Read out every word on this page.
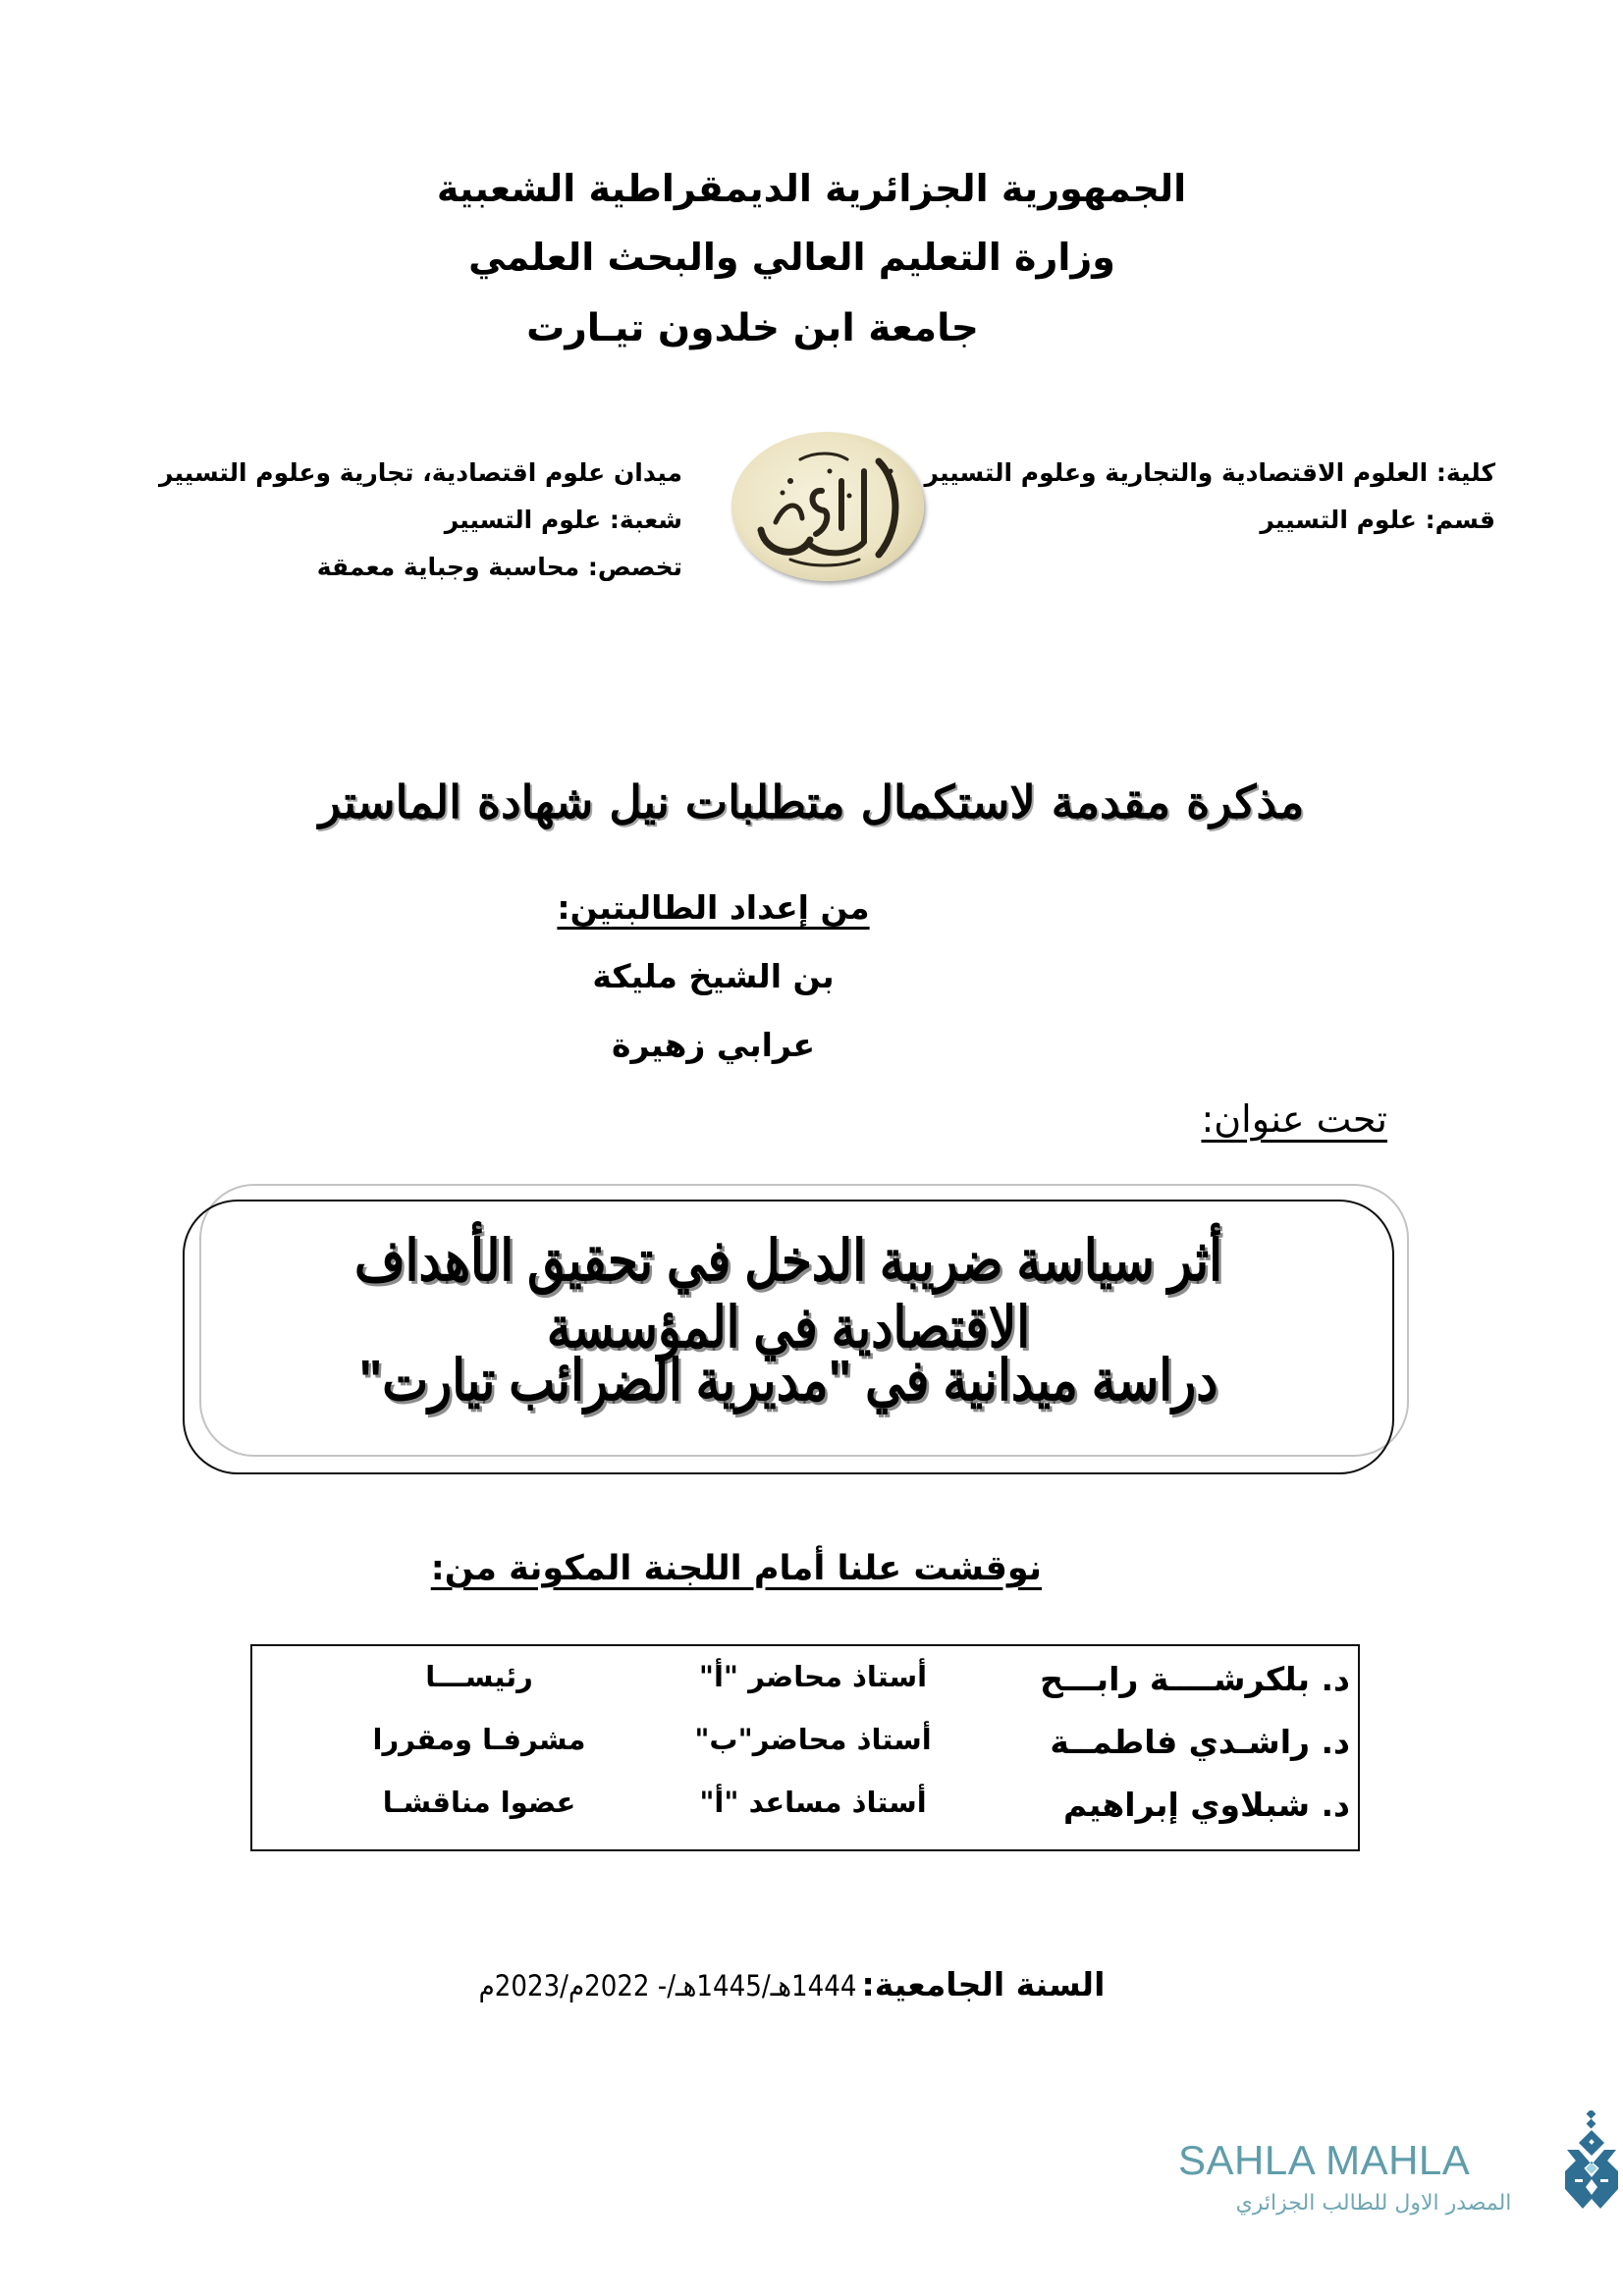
الجمهورية الجزائرية الديمقراطية الشعبية
وزارة التعليم العالي والبحث العلمي
جامعة ابن خلدون تيـارت
كلية: العلوم الاقتصادية والتجارية وعلوم التسيير
قسم: علوم التسيير
ميدان علوم اقتصادية، تجارية وعلوم التسيير
شعبة: علوم التسيير
تخصص: محاسبة وجباية معمقة
مذكرة مقدمة لاستكمال متطلبات نيل شهادة الماستر
من إعداد الطالبتين:
بن الشيخ مليكة
عرابي زهيرة
تحت عنوان:
أثر سياسة ضريبة الدخل في تحقيق الأهداف الاقتصادية في المؤسسة
دراسة ميدانية في "مديرية الضرائب تيارت"
نوقشت علنا أمام اللجنة المكونة من:
د. بلكرشــــة رابـــح
أستاذ محاضر "أ"
رئيســـا
د. راشـدي فاطمــة
أستاذ محاضر"ب"
مشرفـا ومقررا
د. شبلاوي إبراهيم
أستاذ مساعد "أ"
عضوا مناقشـا
السنة الجامعية: 1444هـ/1445هـ/- 2022م/2023م
SAHLA MAHLA
المصدر الاول للطالب الجزائري
